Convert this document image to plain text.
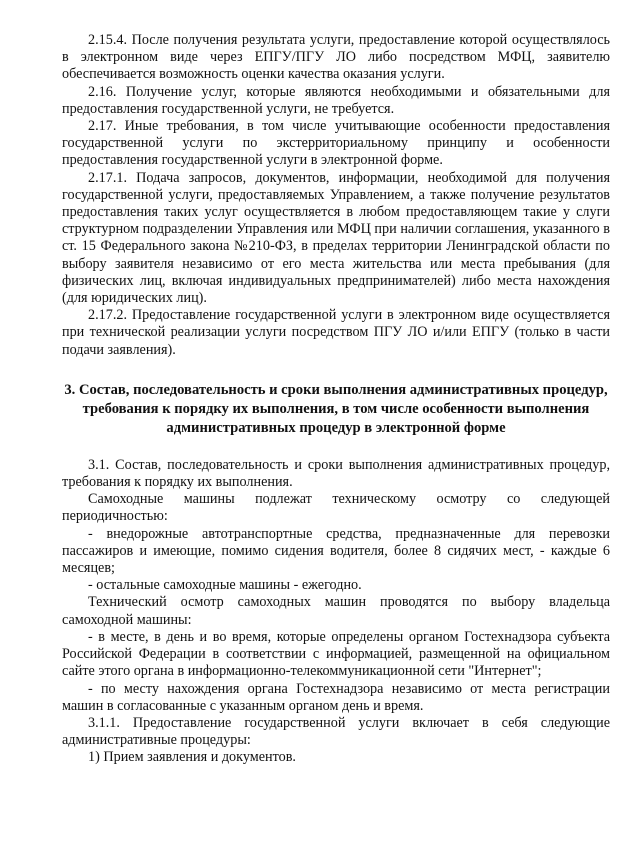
2.15.4. После получения результата услуги, предоставление которой осуществлялось в электронном виде через ЕПГУ/ПГУ ЛО либо посредством МФЦ, заявителю обеспечивается возможность оценки качества оказания услуги.

2.16. Получение услуг, которые являются необходимыми и обязательными для предоставления государственной услуги, не требуется.

2.17. Иные требования, в том числе учитывающие особенности предоставления государственной услуги по экстерриториальному принципу и особенности предоставления государственной услуги в электронной форме.

2.17.1. Подача запросов, документов, информации, необходимой для получения государственной услуги, предоставляемых Управлением, а также получение результатов предоставления таких услуг осуществляется в любом предоставляющем такие у слуги структурном подразделении Управления или МФЦ при наличии соглашения, указанного в ст. 15 Федерального закона №210-ФЗ, в пределах территории Ленинградской области по выбору заявителя независимо от его места жительства или места пребывания (для физических лиц, включая индивидуальных предпринимателей) либо места нахождения (для юридических лиц).

2.17.2. Предоставление государственной услуги в электронном виде осуществляется при технической реализации услуги посредством ПГУ ЛО и/или ЕПГУ (только в части подачи заявления).

3. Состав, последовательность и сроки выполнения административных процедур, требования к порядку их выполнения, в том числе особенности выполнения административных процедур в электронной форме

3.1. Состав, последовательность и сроки выполнения административных процедур, требования к порядку их выполнения.

Самоходные машины подлежат техническому осмотру со следующей периодичностью:

- внедорожные автотранспортные средства, предназначенные для перевозки пассажиров и имеющие, помимо сидения водителя, более 8 сидячих мест, - каждые 6 месяцев;

- остальные самоходные машины - ежегодно.

Технический осмотр самоходных машин проводятся по выбору владельца самоходной машины:

- в месте, в день и во время, которые определены органом Гостехнадзора субъекта Российской Федерации в соответствии с информацией, размещенной на официальном сайте этого органа в информационно-телекоммуникационной сети "Интернет";

- по месту нахождения органа Гостехнадзора независимо от места регистрации машин в согласованные с указанным органом день и время.

3.1.1. Предоставление государственной услуги включает в себя следующие административные процедуры:

1) Прием заявления и документов.
